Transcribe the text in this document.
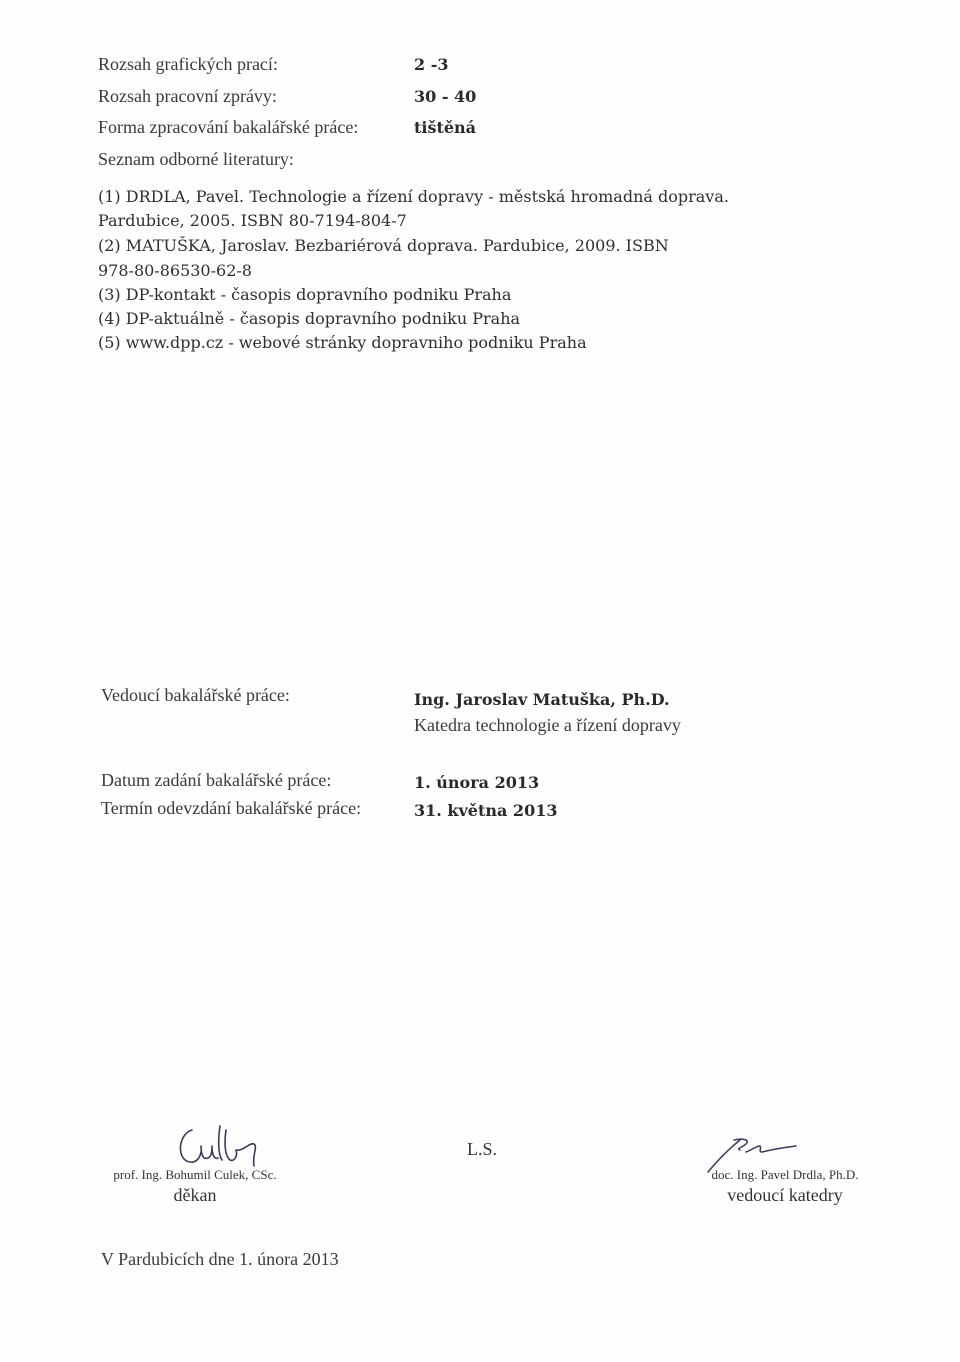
Rozsah grafických prací:	2 -3
Rozsah pracovní zprávy:	30 - 40
Forma zpracování bakalářské práce:	tištěná
Seznam odborné literatury:
(1) DRDLA, Pavel. Technologie a řízení dopravy - městská hromadná doprava.
Pardubice, 2005. ISBN 80-7194-804-7
(2) MATUŠKA, Jaroslav. Bezbariérová doprava. Pardubice, 2009. ISBN
978-80-86530-62-8
(3) DP-kontakt - časopis dopravního podniku Praha
(4) DP-aktuálně - časopis dopravního podniku Praha
(5) www.dpp.cz - webové stránky dopravniho podniku Praha
Vedoucí bakalářské práce:	Ing. Jaroslav Matuška, Ph.D.
Katedra technologie a řízení dopravy
Datum zadání bakalářské práce:	1. února 2013
Termín odevzdání bakalářské práce:	31. května 2013
prof. Ing. Bohumil Culek, CSc.
děkan
L.S.
doc. Ing. Pavel Drdla, Ph.D.
vedoucí katedry
V Pardubicích dne 1. února 2013
